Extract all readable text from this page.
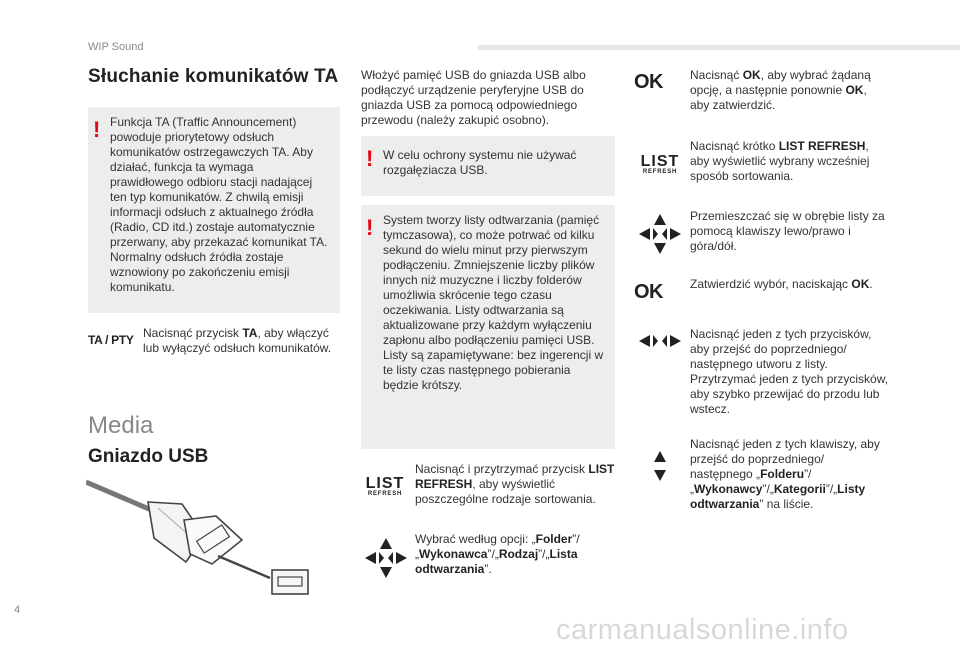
WIP Sound
Słuchanie komunikatów TA
! Funkcja TA (Traffic Announcement) powoduje priorytetowy odsłuch komunikatów ostrzegawczych TA. Aby działać, funkcja ta wymaga prawidłowego odbioru stacji nadającej ten typ komunikatów. Z chwilą emisji informacji odsłuch z aktualnego źródła (Radio, CD itd.) zostaje automatycznie przerwany, aby przekazać komunikat TA. Normalny odsłuch źródła zostaje wznowiony po zakończeniu emisji komunikatu.

TA / PTY Nacisnąć przycisk TA, aby włączyć lub wyłączyć odsłuch komunikatów.
Media
Gniazdo USB
Włożyć pamięć USB do gniazda USB albo podłączyć urządzenie peryferyjne USB do gniazda USB za pomocą odpowiedniego przewodu (należy zakupić osobno).
! W celu ochrony systemu nie używać rozgałęziacza USB.

! System tworzy listy odtwarzania (pamięć tymczasowa), co może potrwać od kilku sekund do wielu minut przy pierwszym podłączeniu. Zmniejszenie liczby plików innych niż muzyczne i liczby folderów umożliwia skrócenie tego czasu oczekiwania. Listy odtwarzania są aktualizowane przy każdym wyłączeniu zapłonu albo podłączeniu pamięci USB. Listy są zapamiętywane: bez ingerencji w te listy czas następnego pobierania będzie krótszy.

LIST
REFRESH
Nacisnąć i przytrzymać przycisk LIST REFRESH, aby wyświetlić poszczególne rodzaje sortowania.
Wybrać według opcji: „Folder”/„Wykonawca”/„Rodzaj”/„Lista odtwarzania”.
OK Nacisnąć OK, aby wybrać żądaną opcję, a następnie ponownie OK, aby zatwierdzić.
LIST
REFRESH
Nacisnąć krótko LIST REFRESH, aby wyświetlić wybrany wcześniej sposób sortowania.
Przemieszczać się w obrębie listy za pomocą klawiszy lewo/prawo i góra/dół.
OK Zatwierdzić wybór, naciskając OK.
Nacisnąć jeden z tych przycisków, aby przejść do poprzedniego/ następnego utworu z listy. Przytrzymać jeden z tych przycisków, aby szybko przewijać do przodu lub wstecz.
Nacisnąć jeden z tych klawiszy, aby przejść do poprzedniego/ następnego „Folderu”/ „Wykonawcy”/„Kategorii”/„Listy odtwarzania” na liście.
4
carmanualsonline.info
